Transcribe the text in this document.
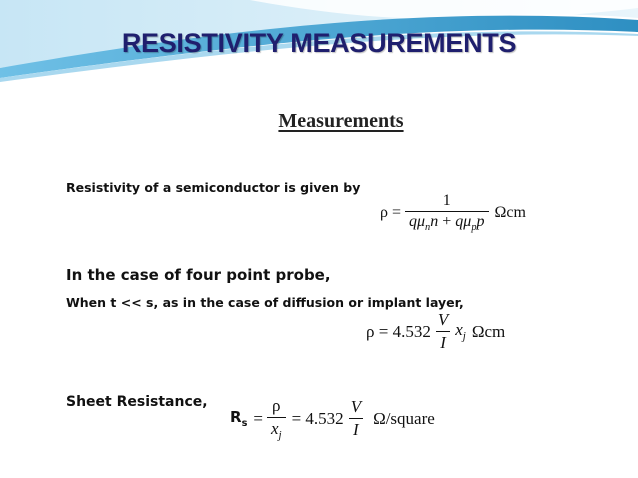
RESISTIVITY MEASUREMENTS
Measurements
Resistivity of a semiconductor is given by
$\rho = \frac{1}{q\mu_nn + q\mu_pp}$ Ωcm
In the case of four point probe,
When t << s, as in the case of diffusion or implant layer,
$\rho = 4.532 \frac{V}{I} x_j$ Ωcm
Sheet Resistance,
$R_s = \frac{\rho}{x_j} = 4.532 \frac{V}{I}$ Ω/square
